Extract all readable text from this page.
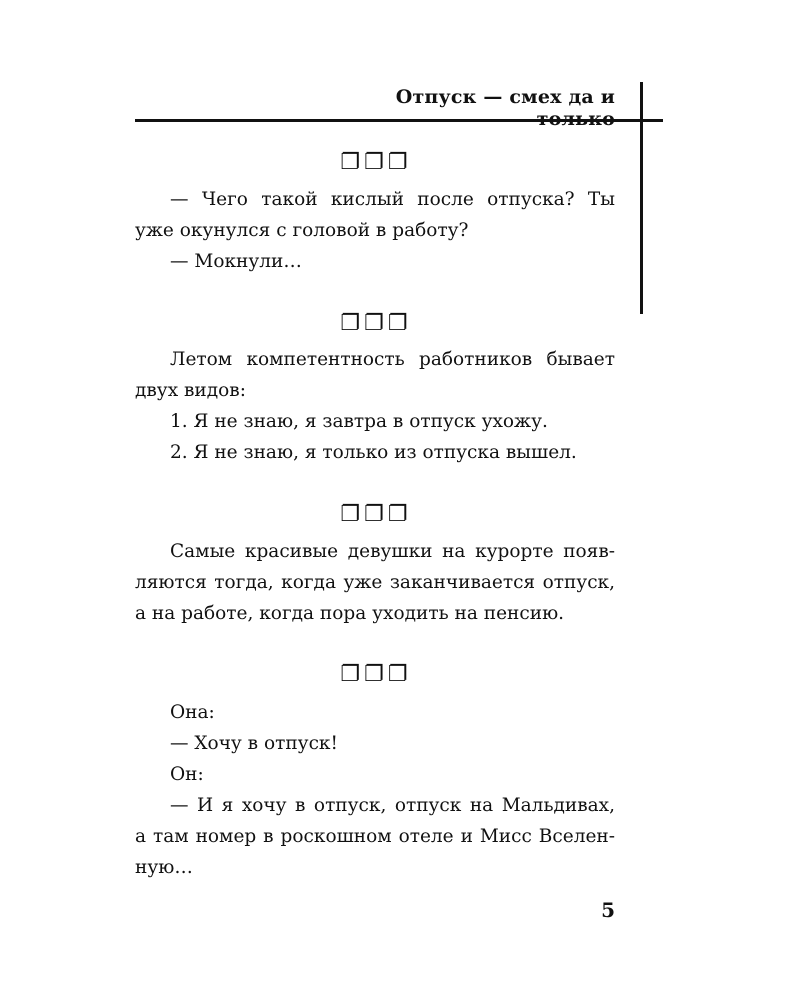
Отпуск — смех да и
❐❐❐
— Чего такой кислый после отпуска? Ты
уже окунулся с головой в работу?
— Мокнули…
❐❐❐
Летом компетентность работников бывает
двух видов:
1. Я не знаю, я завтра в отпуск ухожу.
2. Я не знаю, я только из отпуска вышел.
❐❐❐
Самые красивые девушки на курорте появ-
ляются тогда, когда уже заканчивается отпуск,
а на работе, когда пора уходить на пенсию.
❐❐❐
Она:
— Хочу в отпуск!
Он:
— И я хочу в отпуск, отпуск на Мальдивах,
а там номер в роскошном отеле и Мисс Вселен-
ную…
5
